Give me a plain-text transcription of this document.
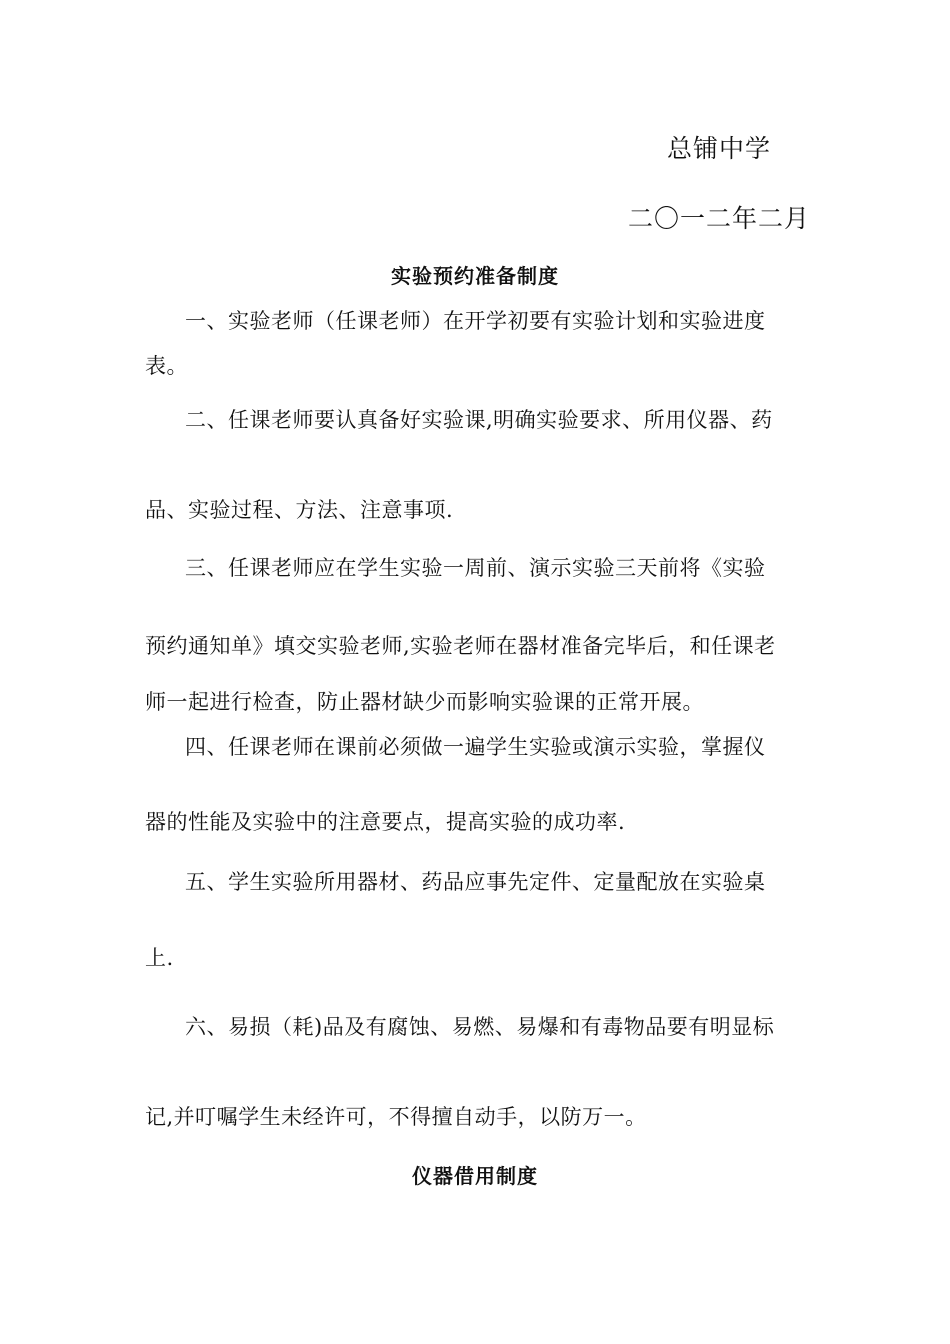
总铺中学
二〇一二年二月
实验预约准备制度
一、实验老师（任课老师）在开学初要有实验计划和实验进度
表。
二、任课老师要认真备好实验课,明确实验要求、所用仪器、药
品、实验过程、方法、注意事项.
三、任课老师应在学生实验一周前、演示实验三天前将《实验
预约通知单》填交实验老师,实验老师在器材准备完毕后，和任课老
师一起进行检查，防止器材缺少而影响实验课的正常开展。
四、任课老师在课前必须做一遍学生实验或演示实验，掌握仪
器的性能及实验中的注意要点，提高实验的成功率.
五、学生实验所用器材、药品应事先定件、定量配放在实验桌
上.
六、易损（耗)品及有腐蚀、易燃、易爆和有毒物品要有明显标
记,并叮嘱学生未经许可，不得擅自动手，以防万一。
仪器借用制度
